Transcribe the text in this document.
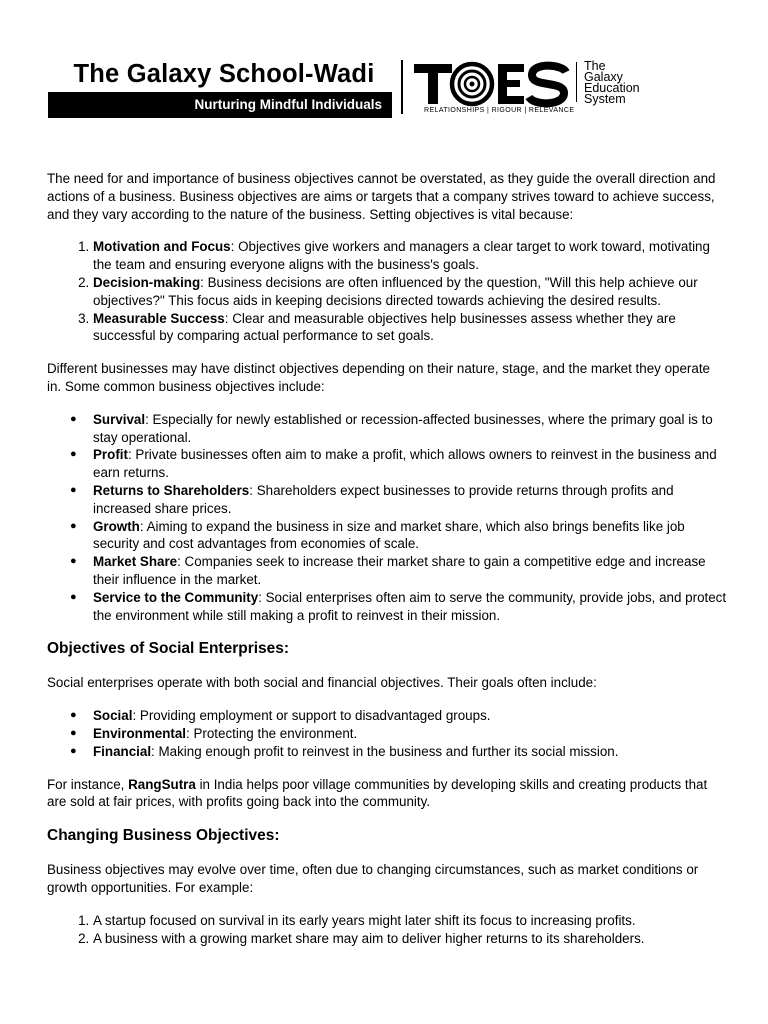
The Galaxy School-Wadi
Nurturing Mindful Individuals	RELATIONSHIPS | RIGOUR | RELEVANCE
The
Galaxy
Education
System

The need for and importance of business objectives cannot be overstated, as they guide the overall direction and actions of a business. Business objectives are aims or targets that a company strives toward to achieve success, and they vary according to the nature of the business. Setting objectives is vital because:

1. Motivation and Focus: Objectives give workers and managers a clear target to work toward, motivating the team and ensuring everyone aligns with the business's goals.
2. Decision-making: Business decisions are often influenced by the question, "Will this help achieve our objectives?" This focus aids in keeping decisions directed towards achieving the desired results.
3. Measurable Success: Clear and measurable objectives help businesses assess whether they are successful by comparing actual performance to set goals.

Different businesses may have distinct objectives depending on their nature, stage, and the market they operate in. Some common business objectives include:

● Survival: Especially for newly established or recession-affected businesses, where the primary goal is to stay operational.
● Profit: Private businesses often aim to make a profit, which allows owners to reinvest in the business and earn returns.
● Returns to Shareholders: Shareholders expect businesses to provide returns through profits and increased share prices.
● Growth: Aiming to expand the business in size and market share, which also brings benefits like job security and cost advantages from economies of scale.
● Market Share: Companies seek to increase their market share to gain a competitive edge and increase their influence in the market.
● Service to the Community: Social enterprises often aim to serve the community, provide jobs, and protect the environment while still making a profit to reinvest in their mission.
Objectives of Social Enterprises:

Social enterprises operate with both social and financial objectives. Their goals often include:

● Social: Providing employment or support to disadvantaged groups.
● Environmental: Protecting the environment.
● Financial: Making enough profit to reinvest in the business and further its social mission.

For instance, RangSutra in India helps poor village communities by developing skills and creating products that are sold at fair prices, with profits going back into the community.

Changing Business Objectives:

Business objectives may evolve over time, often due to changing circumstances, such as market conditions or growth opportunities. For example:

1. A startup focused on survival in its early years might later shift its focus to increasing profits.
2. A business with a growing market share may aim to deliver higher returns to its shareholders.
